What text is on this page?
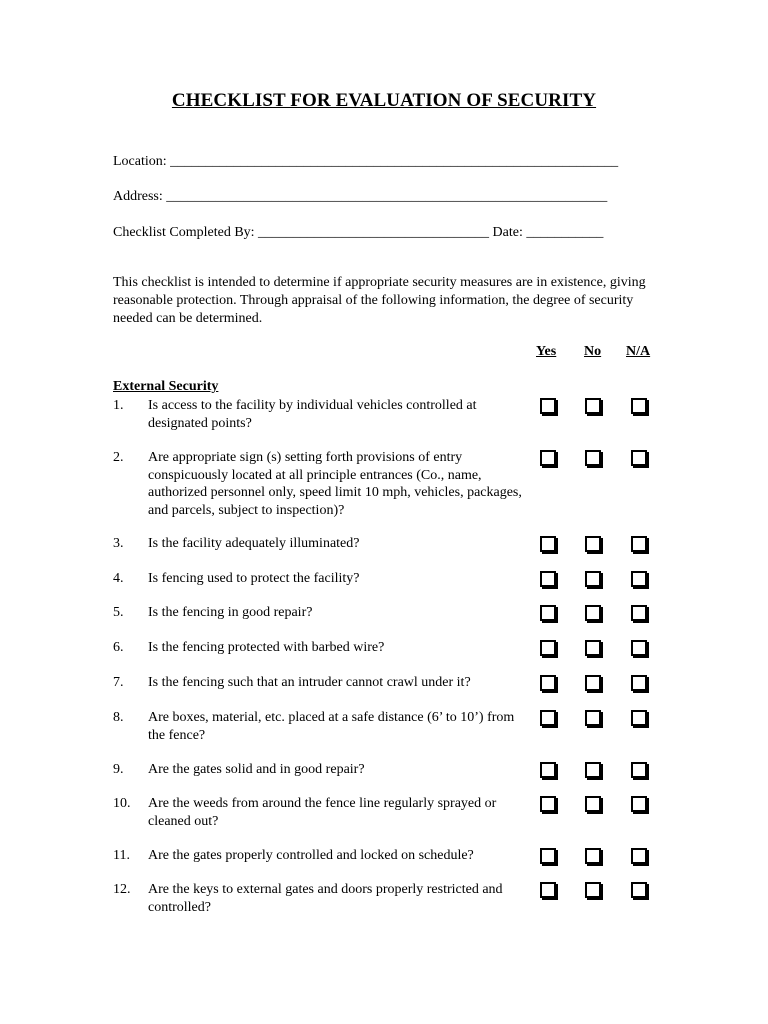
CHECKLIST FOR EVALUATION OF SECURITY
Location: ________________________________________________________________
Address: _______________________________________________________________
Checklist Completed By: _________________________________ Date: ___________
This checklist is intended to determine if appropriate security measures are in existence, giving reasonable protection. Through appraisal of the following information, the degree of security needed can be determined.
Yes No N/A
External Security
1. Is access to the facility by individual vehicles controlled at designated points?
2. Are appropriate sign (s) setting forth provisions of entry conspicuously located at all principle entrances (Co., name, authorized personnel only, speed limit 10 mph, vehicles, packages, and parcels, subject to inspection)?
3. Is the facility adequately illuminated?
4. Is fencing used to protect the facility?
5. Is the fencing in good repair?
6. Is the fencing protected with barbed wire?
7. Is the fencing such that an intruder cannot crawl under it?
8. Are boxes, material, etc. placed at a safe distance (6’ to 10’) from the fence?
9. Are the gates solid and in good repair?
10. Are the weeds from around the fence line regularly sprayed or cleaned out?
11. Are the gates properly controlled and locked on schedule?
12. Are the keys to external gates and doors properly restricted and controlled?
